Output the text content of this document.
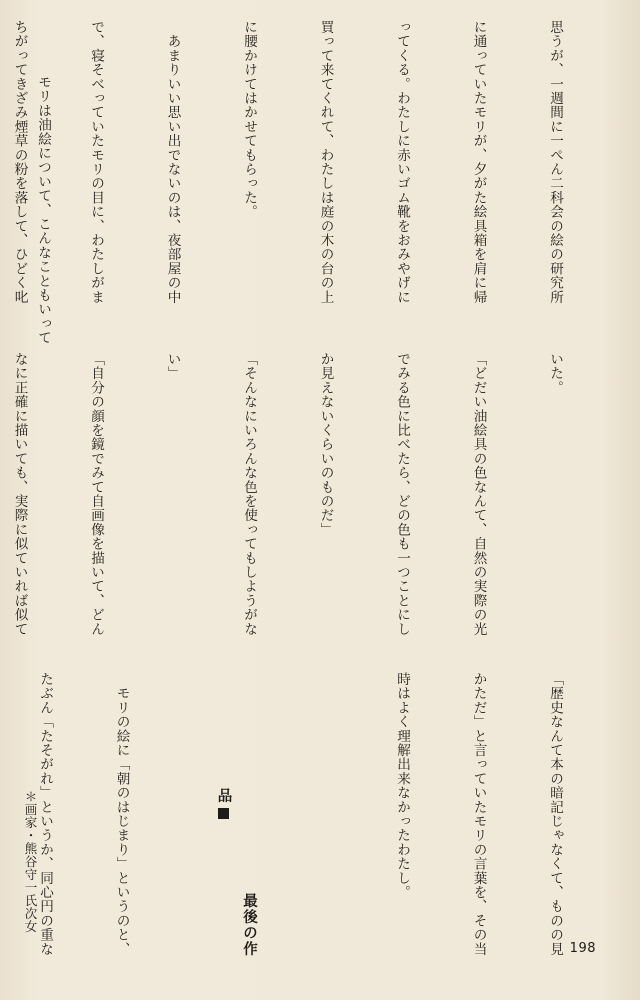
思うが、一週間に一ぺん二科会の絵の研究所

に通っていたモリが、夕がた絵具箱を肩に帰

ってくる。わたしに赤いゴム靴をおみやげに

買って来てくれて、わたしは庭の木の台の上

に腰かけてはかせてもらった。

　あまりいい思い出でないのは、夜部屋の中

で、寝そべっていたモリの目に、わたしがま

ちがってきざみ煙草の粉を落して、ひどく叱

モリは油絵について、こんなこともいって

いた。

「どだい油絵具の色なんて、自然の実際の光

でみる色に比べたら、どの色も一つことにし

か見えないくらいのものだ」

「そんなにいろんな色を使ってもしようがな

い」

「自分の顔を鏡でみて自画像を描いて、どん

なに正確に描いても、実際に似ていれば似て

「歴史なんて本の暗記じゃなくて、ものの見

かただ」と言っていたモリの言葉を、その当

時はよく理解出来なかったわたし。

最後の作品

　モリの絵に「朝のはじまり」というのと、

たぶん「たそがれ」というか、同心円の重な

＊画家・熊谷守一氏次女
198
